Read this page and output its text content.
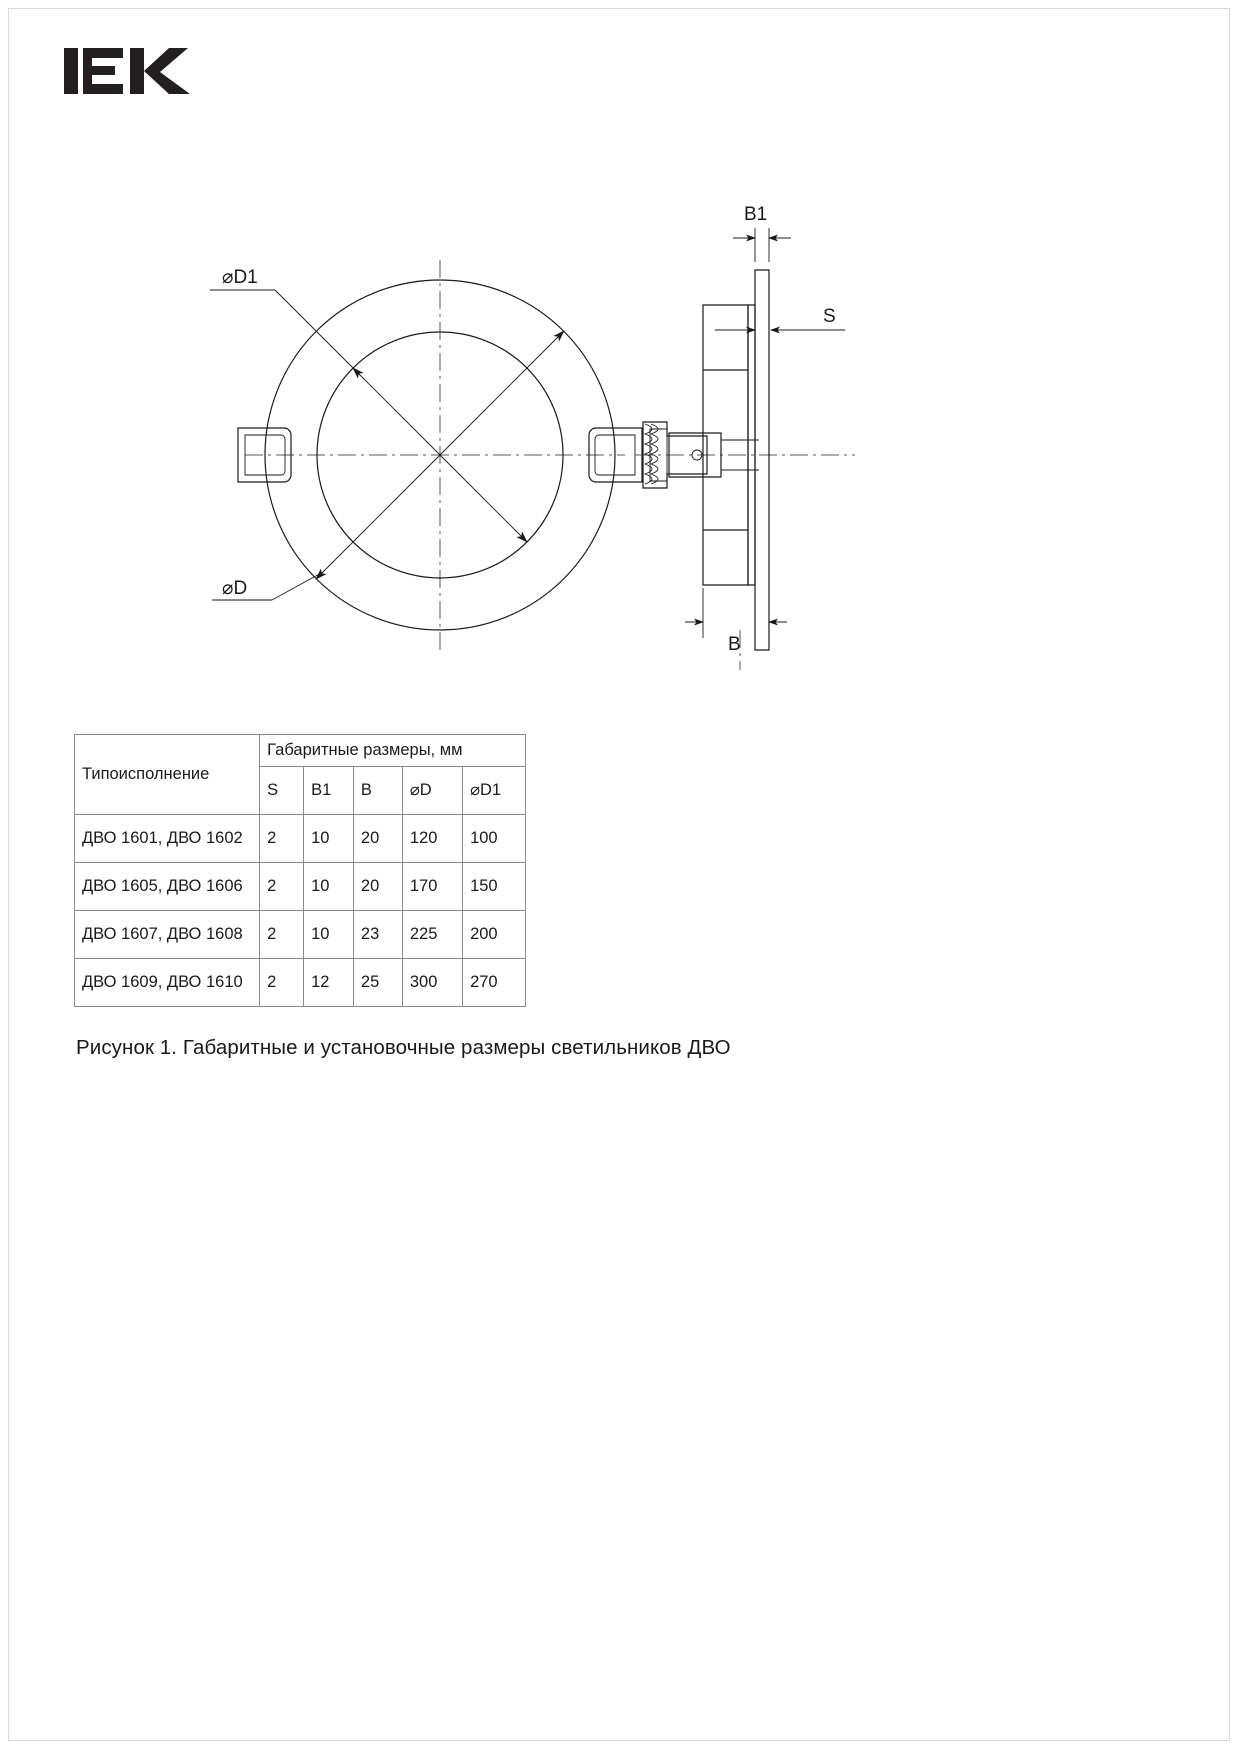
⌀D1
⌀D
B1
S
B
Типоисполнение	Габаритные размеры, мм				
	S	B1	B	⌀D	⌀D1
ДВО 1601, ДВО 1602	2	10	20	120	100
ДВО 1605, ДВО 1606	2	10	20	170	150
ДВО 1607, ДВО 1608	2	10	23	225	200
ДВО 1609, ДВО 1610	2	12	25	300	270
Рисунок 1. Габаритные и установочные размеры светильников ДВО
